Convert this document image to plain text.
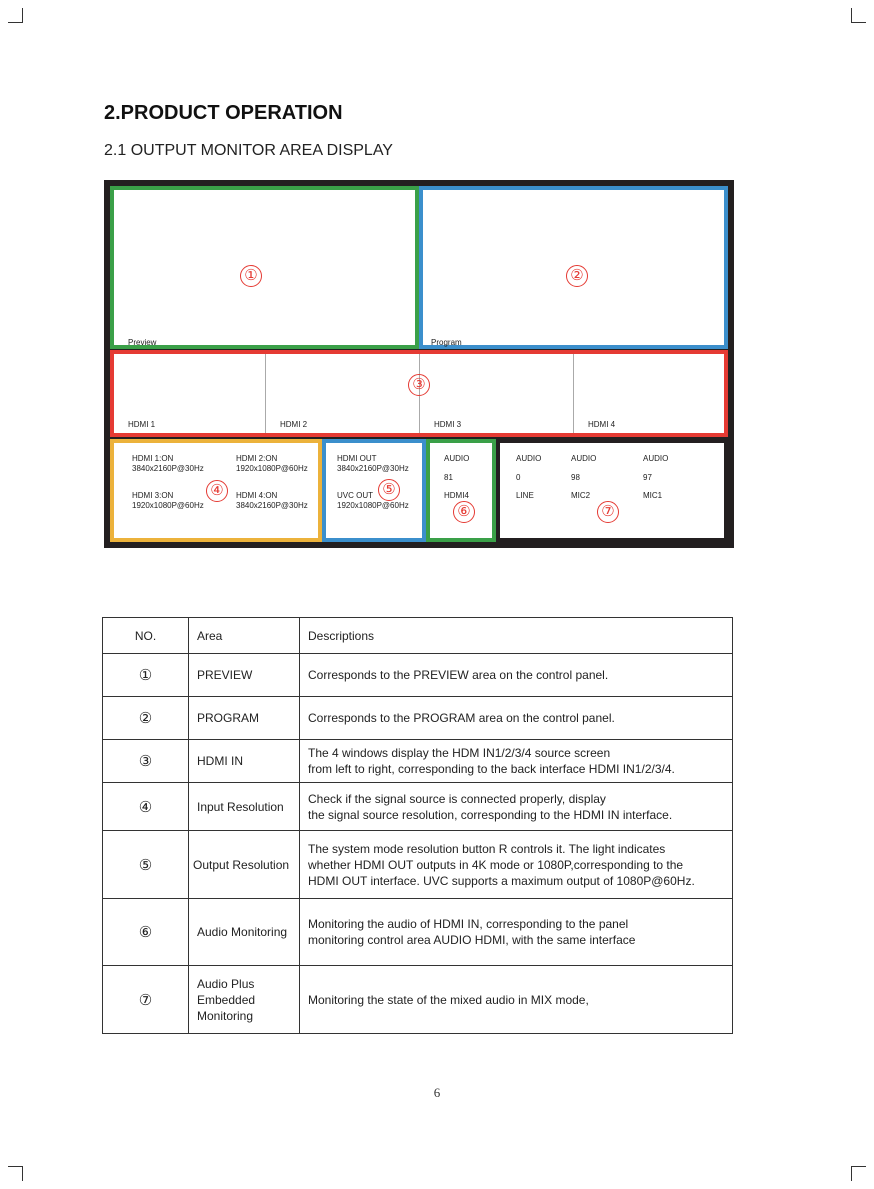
2.PRODUCT OPERATION
2.1 OUTPUT MONITOR AREA DISPLAY
①
Preview
②
Program
③
HDMI 1	HDMI 2	HDMI 3	HDMI 4
HDMI 1:ON
3840x2160P@30Hz
HDMI 2:ON
1920x1080P@60Hz
HDMI 3:ON
1920x1080P@60Hz
HDMI 4:ON
3840x2160P@30Hz
④
HDMI OUT
3840x2160P@30Hz
UVC OUT
1920x1080P@60Hz
⑤
AUDIO
81
HDMI4
⑥
AUDIO
0
LINE
AUDIO
98
MIC2
AUDIO
97
MIC1
⑦
NO.	Area	Descriptions
①	PREVIEW	Corresponds to the PREVIEW area on the control panel.
②	PROGRAM	Corresponds to the PROGRAM area on the control panel.
③	HDMI IN	The 4 windows display the HDM IN1/2/3/4 source screen
from left to right, corresponding to the back interface HDMI IN1/2/3/4.
④	Input Resolution	Check if the signal source is connected properly, display
the signal source resolution, corresponding to the HDMI IN interface.
⑤	Output Resolution	The system mode resolution button R controls it. The light indicates
whether HDMI OUT outputs in 4K mode or 1080P,corresponding to the
HDMI OUT interface. UVC supports a maximum output of 1080P@60Hz.
⑥	Audio Monitoring	Monitoring the audio of HDMI IN, corresponding to the panel
monitoring control area AUDIO HDMI, with the same interface
⑦	Audio Plus Embedded Monitoring	Monitoring the state of the mixed audio in MIX mode,
6
